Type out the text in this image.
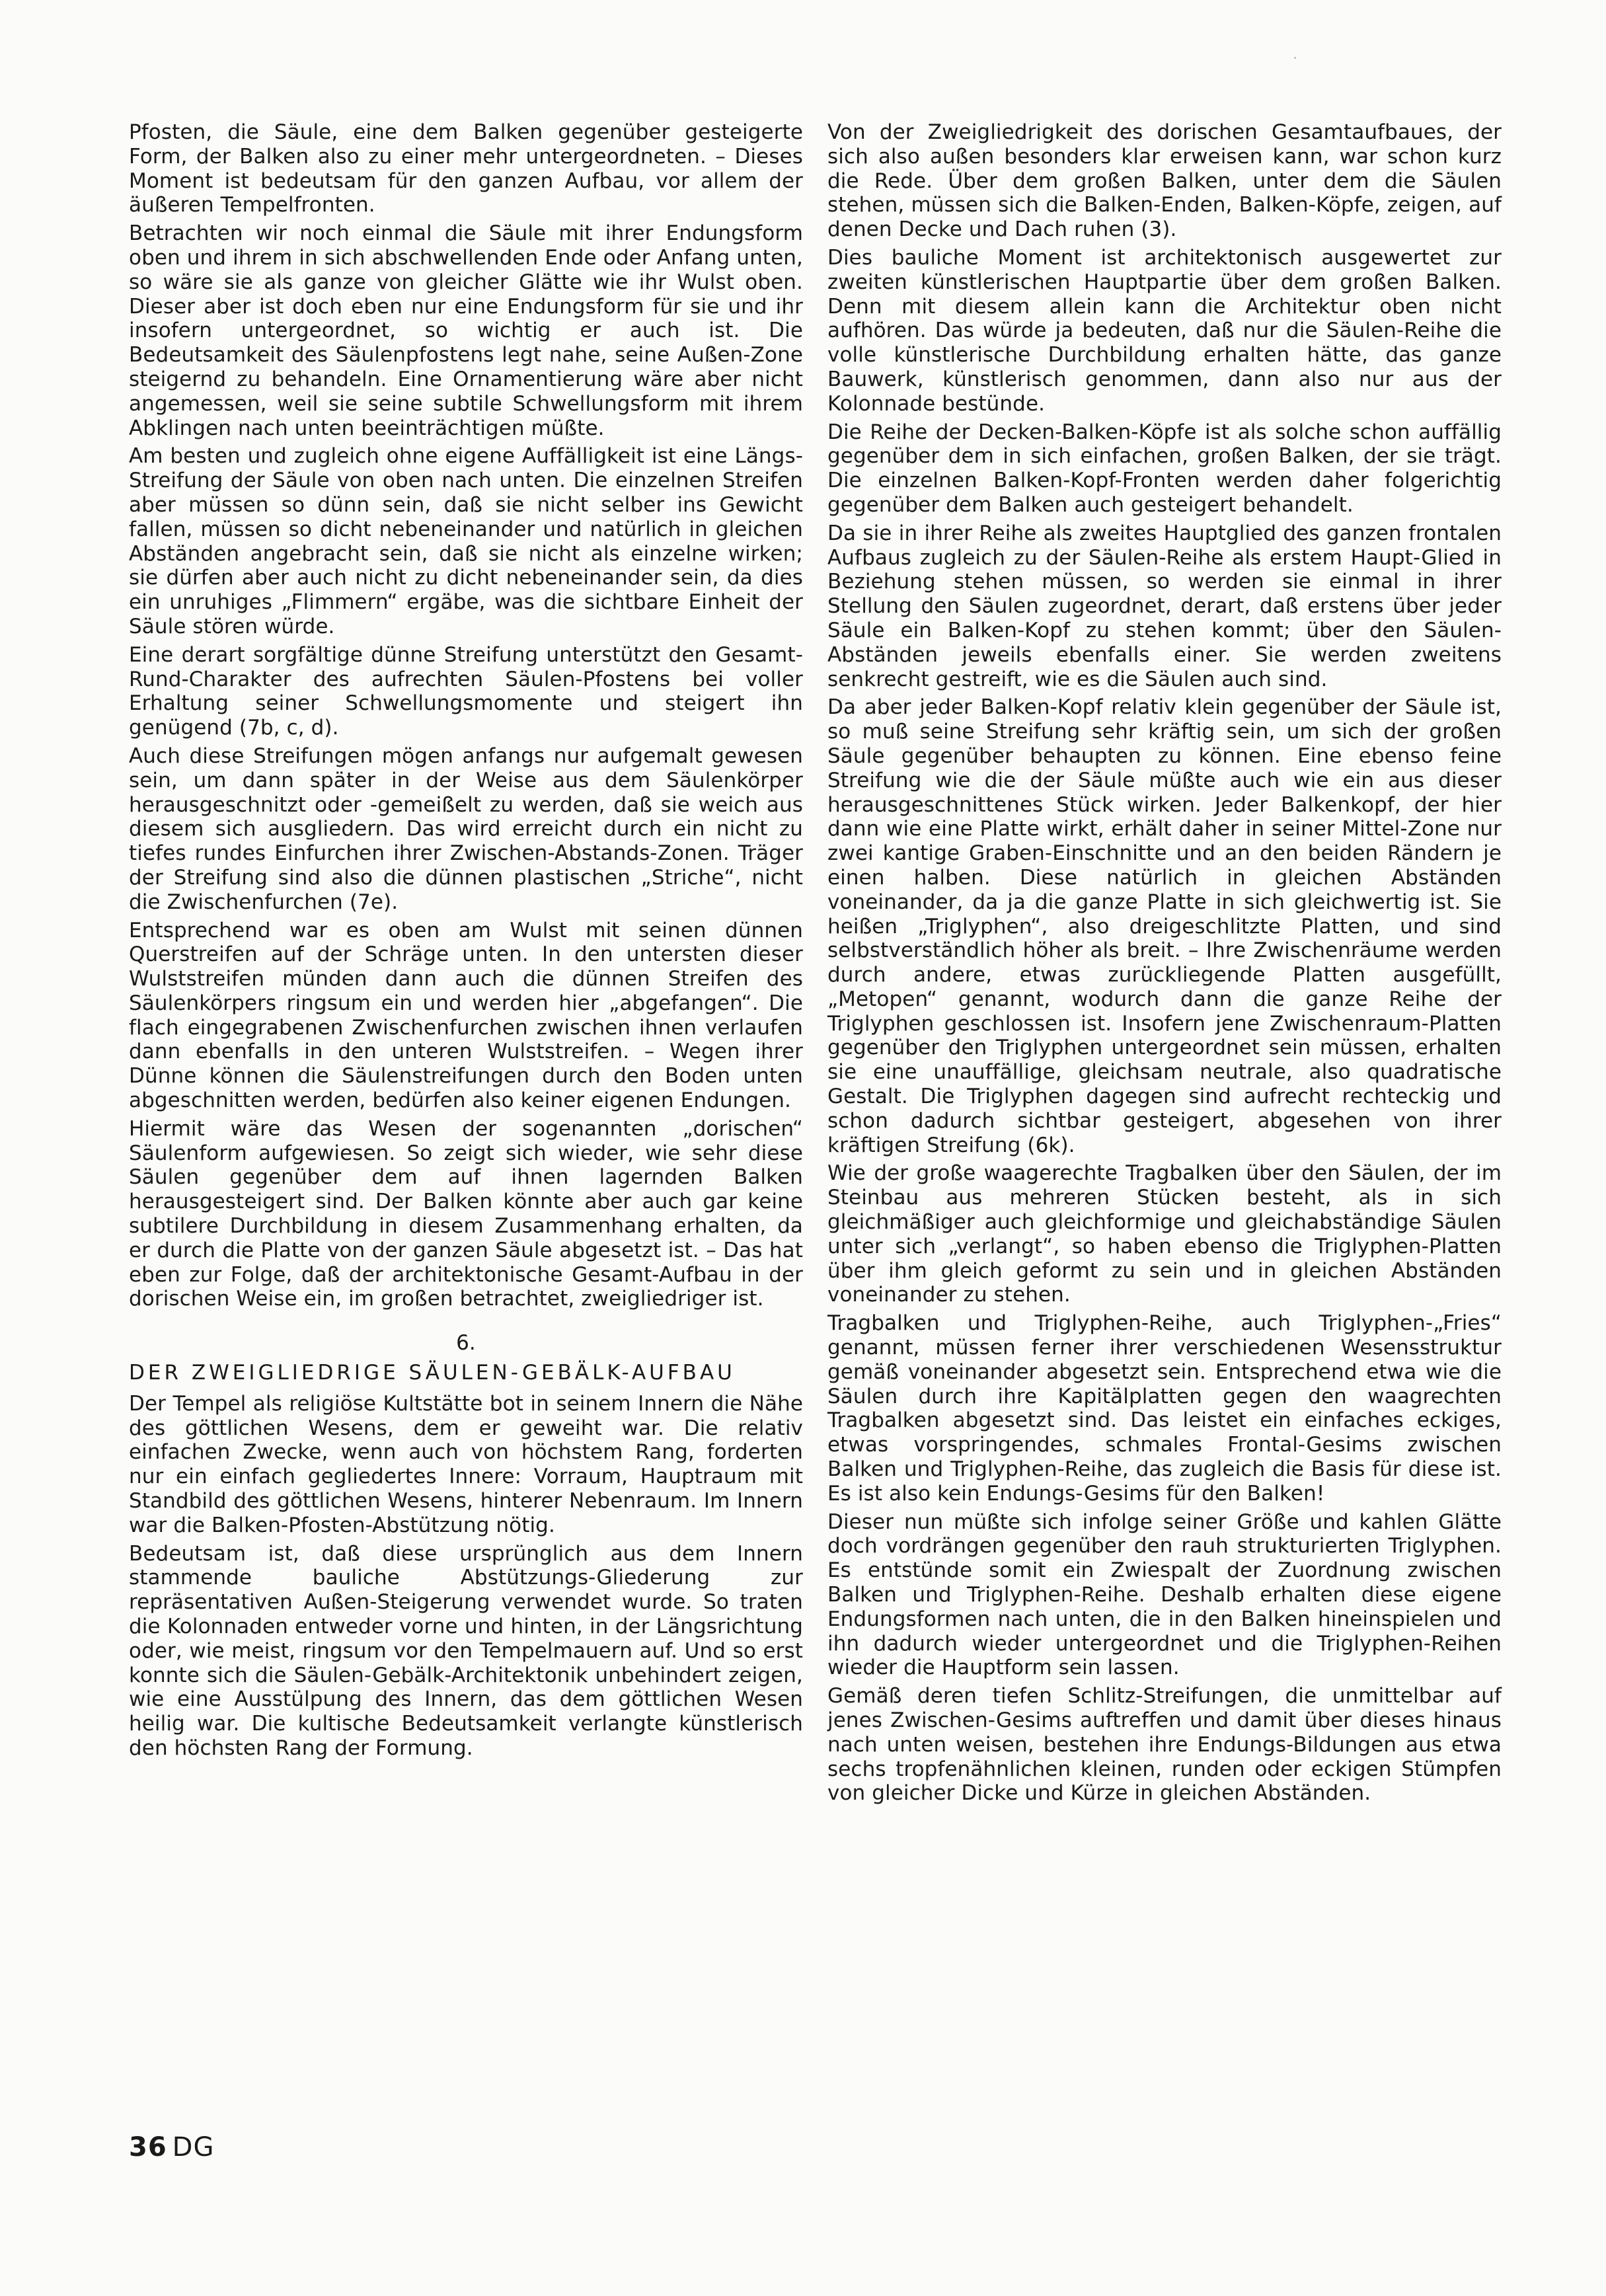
Pfosten, die Säule, eine dem Balken gegenüber gesteigerte Form, der Balken also zu einer mehr untergeordneten. – Dieses Moment ist bedeutsam für den ganzen Aufbau, vor allem der äußeren Tempelfronten.

Betrachten wir noch einmal die Säule mit ihrer Endungsform oben und ihrem in sich abschwellenden Ende oder Anfang unten, so wäre sie als ganze von gleicher Glätte wie ihr Wulst oben. Dieser aber ist doch eben nur eine Endungsform für sie und ihr insofern untergeordnet, so wichtig er auch ist. Die Bedeutsamkeit des Säulenpfostens legt nahe, seine Außen-Zone steigernd zu behandeln. Eine Ornamentierung wäre aber nicht angemessen, weil sie seine subtile Schwellungsform mit ihrem Abklingen nach unten beeinträchtigen müßte.

Am besten und zugleich ohne eigene Auffälligkeit ist eine Längs-Streifung der Säule von oben nach unten. Die einzelnen Streifen aber müssen so dünn sein, daß sie nicht selber ins Gewicht fallen, müssen so dicht nebeneinander und natürlich in gleichen Abständen angebracht sein, daß sie nicht als einzelne wirken; sie dürfen aber auch nicht zu dicht nebeneinander sein, da dies ein unruhiges „Flimmern“ ergäbe, was die sichtbare Einheit der Säule stören würde.

Eine derart sorgfältige dünne Streifung unterstützt den Gesamt-Rund-Charakter des aufrechten Säulen-Pfostens bei voller Erhaltung seiner Schwellungsmomente und steigert ihn genügend (7b, c, d).

Auch diese Streifungen mögen anfangs nur aufgemalt gewesen sein, um dann später in der Weise aus dem Säulenkörper herausgeschnitzt oder -gemeißelt zu werden, daß sie weich aus diesem sich ausgliedern. Das wird erreicht durch ein nicht zu tiefes rundes Einfurchen ihrer Zwischen-Abstands-Zonen. Träger der Streifung sind also die dünnen plastischen „Striche“, nicht die Zwischenfurchen (7e).

Entsprechend war es oben am Wulst mit seinen dünnen Querstreifen auf der Schräge unten. In den untersten dieser Wulststreifen münden dann auch die dünnen Streifen des Säulenkörpers ringsum ein und werden hier „abgefangen“. Die flach eingegrabenen Zwischenfurchen zwischen ihnen verlaufen dann ebenfalls in den unteren Wulststreifen. – Wegen ihrer Dünne können die Säulenstreifungen durch den Boden unten abgeschnitten werden, bedürfen also keiner eigenen Endungen.

Hiermit wäre das Wesen der sogenannten „dorischen“ Säulenform aufgewiesen. So zeigt sich wieder, wie sehr diese Säulen gegenüber dem auf ihnen lagernden Balken herausgesteigert sind. Der Balken könnte aber auch gar keine subtilere Durchbildung in diesem Zusammenhang erhalten, da er durch die Platte von der ganzen Säule abgesetzt ist. – Das hat eben zur Folge, daß der architektonische Gesamt-Aufbau in der dorischen Weise ein, im großen betrachtet, zweigliedriger ist.

6.
DER ZWEIGLIEDRIGE SÄULEN-GEBÄLK-AUFBAU

Der Tempel als religiöse Kultstätte bot in seinem Innern die Nähe des göttlichen Wesens, dem er geweiht war. Die relativ einfachen Zwecke, wenn auch von höchstem Rang, forderten nur ein einfach gegliedertes Innere: Vorraum, Hauptraum mit Standbild des göttlichen Wesens, hinterer Nebenraum. Im Innern war die Balken-Pfosten-Abstützung nötig.

Bedeutsam ist, daß diese ursprünglich aus dem Innern stammende bauliche Abstützungs-Gliederung zur repräsentativen Außen-Steigerung verwendet wurde. So traten die Kolonnaden entweder vorne und hinten, in der Längsrichtung oder, wie meist, ringsum vor den Tempelmauern auf. Und so erst konnte sich die Säulen-Gebälk-Architektonik unbehindert zeigen, wie eine Ausstülpung des Innern, das dem göttlichen Wesen heilig war. Die kultische Bedeutsamkeit verlangte künstlerisch den höchsten Rang der Formung.

Von der Zweigliedrigkeit des dorischen Gesamtaufbaues, der sich also außen besonders klar erweisen kann, war schon kurz die Rede. Über dem großen Balken, unter dem die Säulen stehen, müssen sich die Balken-Enden, Balken-Köpfe, zeigen, auf denen Decke und Dach ruhen (3).

Dies bauliche Moment ist architektonisch ausgewertet zur zweiten künstlerischen Hauptpartie über dem großen Balken. Denn mit diesem allein kann die Architektur oben nicht aufhören. Das würde ja bedeuten, daß nur die Säulen-Reihe die volle künstlerische Durchbildung erhalten hätte, das ganze Bauwerk, künstlerisch genommen, dann also nur aus der Kolonnade bestünde.

Die Reihe der Decken-Balken-Köpfe ist als solche schon auffällig gegenüber dem in sich einfachen, großen Balken, der sie trägt. Die einzelnen Balken-Kopf-Fronten werden daher folgerichtig gegenüber dem Balken auch gesteigert behandelt.

Da sie in ihrer Reihe als zweites Hauptglied des ganzen frontalen Aufbaus zugleich zu der Säulen-Reihe als erstem Haupt-Glied in Beziehung stehen müssen, so werden sie einmal in ihrer Stellung den Säulen zugeordnet, derart, daß erstens über jeder Säule ein Balken-Kopf zu stehen kommt; über den Säulen-Abständen jeweils ebenfalls einer. Sie werden zweitens senkrecht gestreift, wie es die Säulen auch sind.

Da aber jeder Balken-Kopf relativ klein gegenüber der Säule ist, so muß seine Streifung sehr kräftig sein, um sich der großen Säule gegenüber behaupten zu können. Eine ebenso feine Streifung wie die der Säule müßte auch wie ein aus dieser herausgeschnittenes Stück wirken. Jeder Balkenkopf, der hier dann wie eine Platte wirkt, erhält daher in seiner Mittel-Zone nur zwei kantige Graben-Einschnitte und an den beiden Rändern je einen halben. Diese natürlich in gleichen Abständen voneinander, da ja die ganze Platte in sich gleichwertig ist. Sie heißen „Triglyphen“, also dreigeschlitzte Platten, und sind selbstverständlich höher als breit. – Ihre Zwischenräume werden durch andere, etwas zurückliegende Platten ausgefüllt, „Metopen“ genannt, wodurch dann die ganze Reihe der Triglyphen geschlossen ist. Insofern jene Zwischenraum-Platten gegenüber den Triglyphen untergeordnet sein müssen, erhalten sie eine unauffällige, gleichsam neutrale, also quadratische Gestalt. Die Triglyphen dagegen sind aufrecht rechteckig und schon dadurch sichtbar gesteigert, abgesehen von ihrer kräftigen Streifung (6k).

Wie der große waagerechte Tragbalken über den Säulen, der im Steinbau aus mehreren Stücken besteht, als in sich gleichmäßiger auch gleichformige und gleichabständige Säulen unter sich „verlangt“, so haben ebenso die Triglyphen-Platten über ihm gleich geformt zu sein und in gleichen Abständen voneinander zu stehen.

Tragbalken und Triglyphen-Reihe, auch Triglyphen-„Fries“ genannt, müssen ferner ihrer verschiedenen Wesensstruktur gemäß voneinander abgesetzt sein. Entsprechend etwa wie die Säulen durch ihre Kapitälplatten gegen den waagrechten Tragbalken abgesetzt sind. Das leistet ein einfaches eckiges, etwas vorspringendes, schmales Frontal-Gesims zwischen Balken und Triglyphen-Reihe, das zugleich die Basis für diese ist. Es ist also kein Endungs-Gesims für den Balken!

Dieser nun müßte sich infolge seiner Größe und kahlen Glätte doch vordrängen gegenüber den rauh strukturierten Triglyphen. Es entstünde somit ein Zwiespalt der Zuordnung zwischen Balken und Triglyphen-Reihe. Deshalb erhalten diese eigene Endungsformen nach unten, die in den Balken hineinspielen und ihn dadurch wieder untergeordnet und die Triglyphen-Reihen wieder die Hauptform sein lassen.

Gemäß deren tiefen Schlitz-Streifungen, die unmittelbar auf jenes Zwischen-Gesims auftreffen und damit über dieses hinaus nach unten weisen, bestehen ihre Endungs-Bildungen aus etwa sechs tropfenähnlichen kleinen, runden oder eckigen Stümpfen von gleicher Dicke und Kürze in gleichen Abständen.

36 DG
